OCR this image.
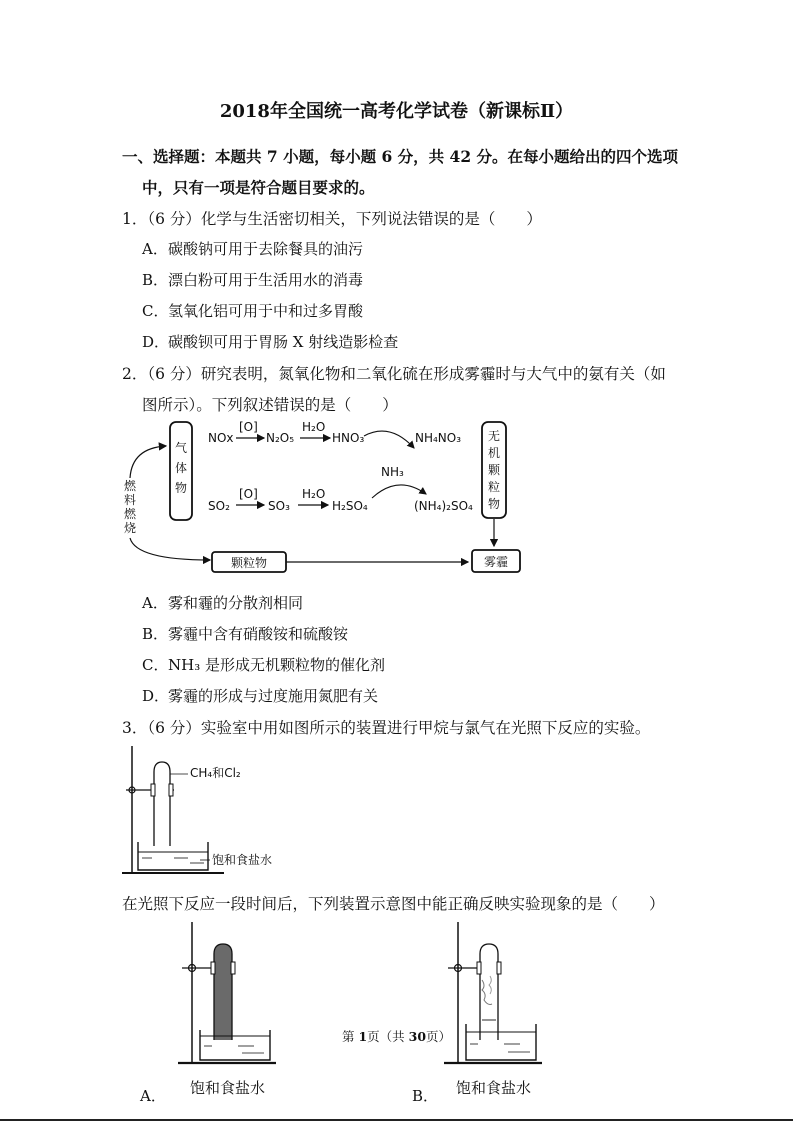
2018年全国统一高考化学试卷（新课标Ⅱ）
一、选择题：本题共 7 小题，每小题 6 分，共 42 分。在每小题给出的四个选项
中，只有一项是符合题目要求的。
1．（6 分）化学与生活密切相关，下列说法错误的是（　　）
A．碳酸钠可用于去除餐具的油污
B．漂白粉可用于生活用水的消毒
C．氢氧化铝可用于中和过多胃酸
D．碳酸钡可用于胃肠 X 射线造影检查
2．（6 分）研究表明，氮氧化物和二氧化硫在形成雾霾时与大气中的氨有关（如
图所示）。下列叙述错误的是（　　）
气
体
物
燃
料
燃
烧
NOx
[O]
N₂O₅
H₂O
HNO₃	NH₄NO₃
NH₃
SO₂
[O]
SO₃
H₂O
H₂SO₄	(NH₄)₂SO₄
无
机
颗
粒
物
颗粒物	雾霾
A．雾和霾的分散剂相同
B．雾霾中含有硝酸铵和硫酸铵
C．NH₃ 是形成无机颗粒物的催化剂
D．雾霾的形成与过度施用氮肥有关
3．（6 分）实验室中用如图所示的装置进行甲烷与氯气在光照下反应的实验。
CH₄和Cl₂
饱和食盐水
在光照下反应一段时间后，下列装置示意图中能正确反映实验现象的是（　　）
第 1页（共 30页）
A． 饱和食盐水	B． 饱和食盐水
